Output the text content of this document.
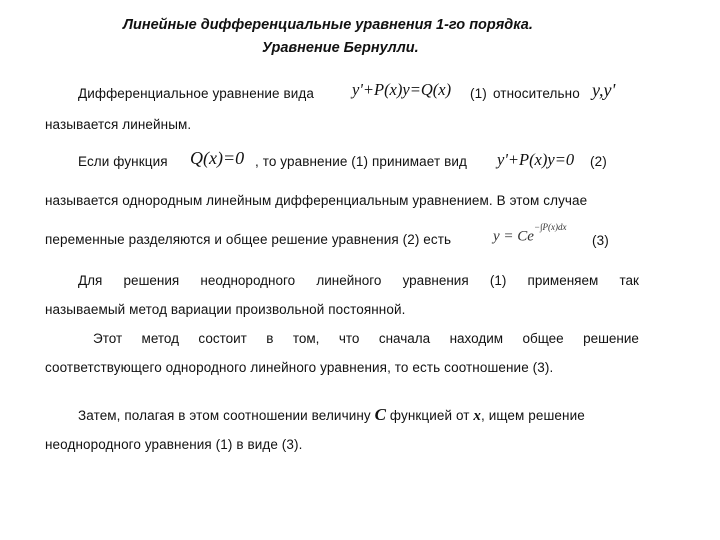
Линейные дифференциальные уравнения 1-го порядка.
Уравнение Бернулли.
Дифференциальное уравнение вида y'+P(x)y=Q(x) (1) относительно y,y'
называется линейным.
Если функция Q(x)=0 , то уравнение (1) принимает вид y'+P(x)y=0 (2)
называется однородным линейным дифференциальным уравнением. В этом случае
переменные разделяются и общее решение уравнения (2) есть	$y = Ce^{-\int P(x)dx}$
(3)
Для решения неоднородного линейного уравнения (1) применяем так
называемый метод вариации произвольной постоянной.
Этот метод состоит в том, что сначала находим общее решение
соответствующего однородного линейного уравнения, то есть соотношение (3).
Затем, полагая в этом соотношении величину C функцией от x, ищем решение
неоднородного уравнения (1) в виде (3).
